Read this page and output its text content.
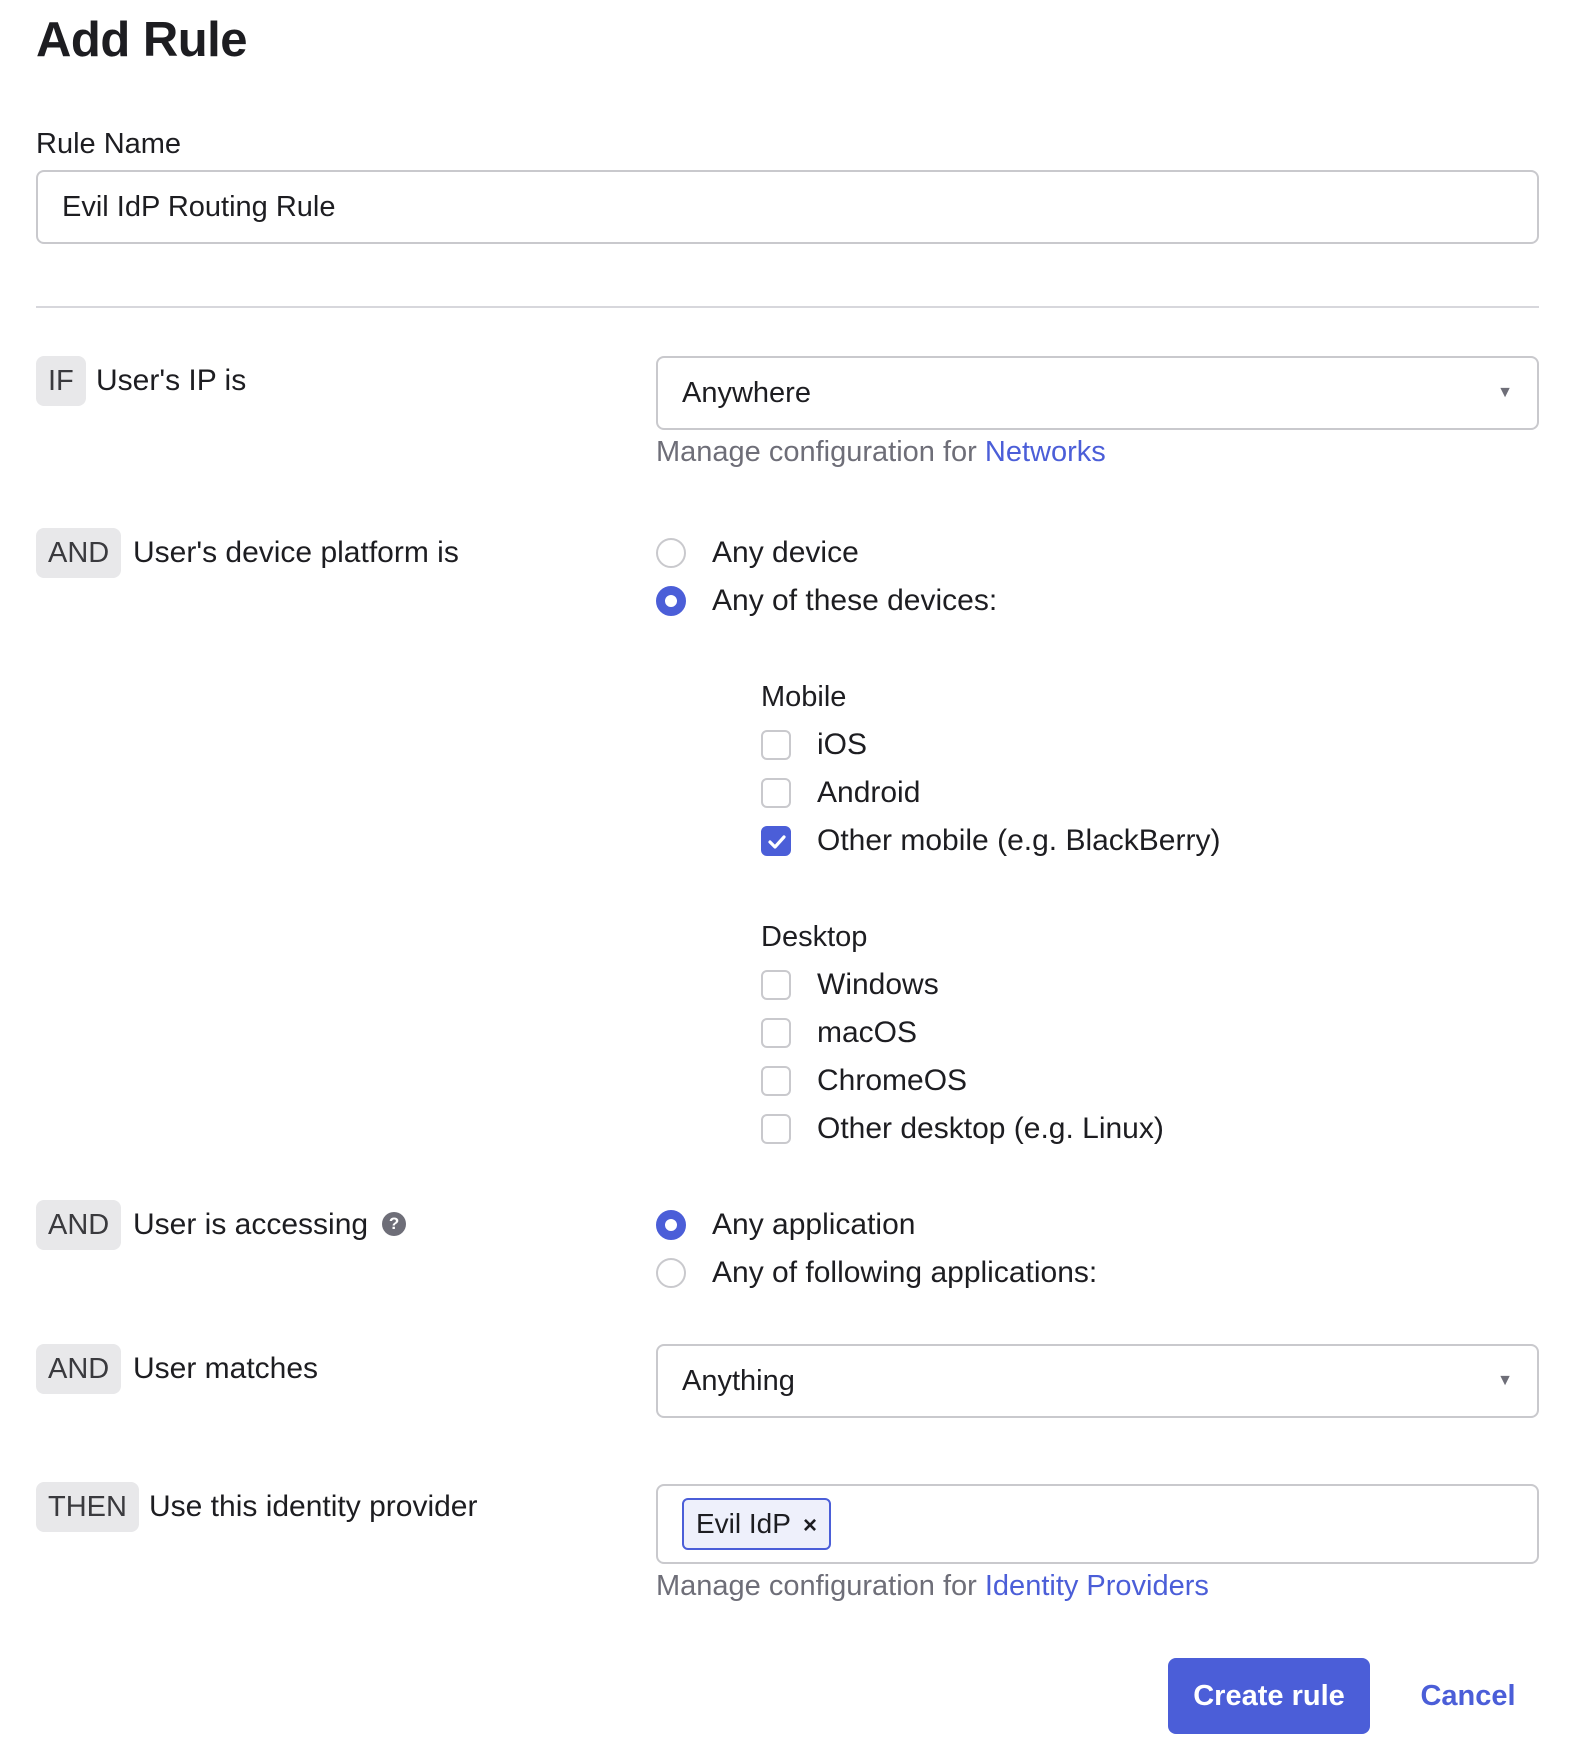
Add Rule
Rule Name
Evil IdP Routing Rule
IF User's IP is	Anywhere	▼
Manage configuration for Networks
AND User's device platform is	Any device
Any of these devices:
Mobile
iOS
Android
Other mobile (e.g. BlackBerry)
Desktop
Windows
macOS
ChromeOS
Other desktop (e.g. Linux)
AND User is accessing ?	Any application
Any of following applications:
AND User matches	Anything	▼
THEN Use this identity provider
Evil IdP ×
Manage configuration for Identity Providers
Create rule	Cancel
